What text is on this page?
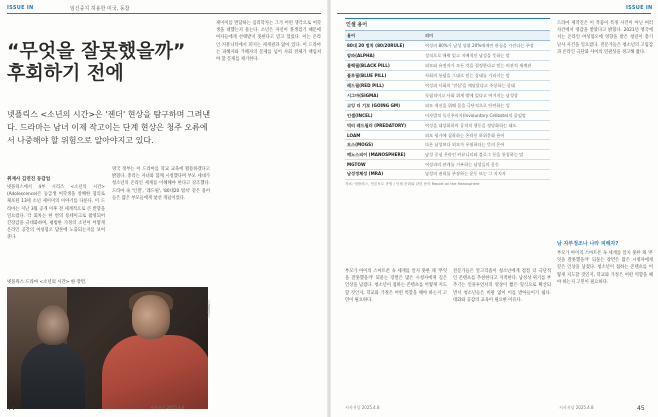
ISSUE IN	임신중지 허용한 미국, 동참
“무엇을 잘못했을까”
후회하기 전에
넷플릭스 <소년의 시간>은 '젠더' 현상을 탐구하며 그려낸다. 드라마는 남녀 이제 작고이는 단계 현상은 청주 오류에서 나중해야 할 위험으로 알아야지고 있다.
취재사 김연진 동감업
넷플릭스에서 4부 시리즈 <소년의 시간>(Adolescence)은 동급생 여학생을 살해한 혐의로 체포된 13세 소년 제이미의 이야기를 다룬다. 이 드라마는 지난 3월 공개 이후 전 세계적으로 큰 반향을 일으켰다. 각 회차는 한 번의 롱테이크로 촬영되어 긴장감을 극대화하며, 평범한 가정의 소년이 어떻게 온라인 공간의 여성혐오 담론에 노출되는지를 보여준다.
영국 정부는 이 드라마를 학교 교육에 활용하겠다고 밝혔다. 총리는 자녀와 함께 시청했다며 부모 세대가 청소년의 온라인 세계를 이해해야 한다고 강조했다. 드라마 속 '인셀', '레드필', '80대20 법칙' 같은 용어들은 많은 부모들에게 낯선 개념이었다.
제이미를 면담하는 심리학자는 그가 어떤 생각으로 여학생을 대했는지 묻는다. 소년은 자신이 못생겼기 때문에 여자들에게 선택받지 못한다고 믿고 있었다. 이는 온라인 커뮤니티에서 퍼지는 세계관과 닮아 있다. 이 드라마는 피해자와 가해자의 문제를 넘어 사회 전체가 책임져야 할 문제를 제기한다.
넷플릭스 드라마 <소년의 시간> 한 장면.
ⓒ넷플릭스
44	시사저널 2025.4.8
ISSUE IN
인셀 용어
용어	의미
80대 20 법칙 (80/20RULE)	여성의 80%가 남성 상위 20%에게만 관심을 가진다는 주장
알파(ALPHA)	성적으로 매력 있고 지배적인 남성을 뜻하는 말
블랙필(BLACK PILL)	외모와 유전자가 모든 것을 결정한다고 믿는 비관적 세계관
블루필(BLUE PILL)	사회의 통념을 그대로 믿는 상태를 가리키는 말
레드필(RED PILL)	여성과 사회의 '진실'을 깨달았다고 주장하는 상태
시그마(SIGMA)	독립적이고 사회 위계 밖에 있다고 여겨지는 남성상
고잉 더 기모 (GOING GM)	외모 개선을 위해 몸을 극단적으로 단련하는 일
인셀(INCEL)	비자발적 독신주의자(Involuntary Celibate)의 줄임말
빅터 레드필러 (PREDATORY)	여성을 대상화하며 공격적 행동을 정당화하는 태도
LOAM	외모 평가에 집착하는 온라인 하위문화 용어
모스(MOGS)	다른 남성보다 외모가 우월하다는 뜻의 은어
매노스피어 (MANOSPHERE)	남성 중심 온라인 커뮤니티와 블로그 등을 통칭하는 말
MGTOW	여성과의 관계를 거부하는 남성들의 운동
남성정체성 (MRA)	남성의 권리를 주장하는 운동 또는 그 지지자
자료: 넷플릭스, 언론보도 종합 / 인셀 문화와 관련 용어 Report on the Manosphere
부모가 아이의 스마트폰 속 세계를 알지 못한 채 '무엇을 잘못했을까' 되묻는 장면은 많은 시청자에게 깊은 인상을 남겼다. 청소년이 접하는 콘텐츠를 어떻게 지도할 것인지, 학교와 가정은 어떤 역할을 해야 하는지 고민이 필요하다.
전문가들은 알고리즘이 청소년에게 점점 더 극단적인 콘텐츠를 추천한다고 지적한다. 남성성 위기를 부추기는 인플루언서의 영상이 짧은 형식으로 확산되면서 청소년들은 비판 없이 이를 받아들이기 쉽다. 대화와 공감의 교육이 필요한 이유다.
드라마 제작진은 이 작품이 특정 사건이 아닌 여러 사건에서 영감을 받았다고 밝혔다. 2021년 영국에서는 온라인 여성혐오에 영향을 받은 청년이 총기 난사 사건을 일으켰다. 전문가들은 청소년의 고립감과 온라인 극단화 사이의 연관성을 경고해 왔다.
남 자부정조나 나라 피해자?
부모가 아이의 스마트폰 속 세계를 알지 못한 채 '무엇을 잘못했을까' 되묻는 장면은 많은 시청자에게 깊은 인상을 남겼다. 청소년이 접하는 콘텐츠를 어떻게 지도할 것인지, 학교와 가정은 어떤 역할을 해야 하는지 고민이 필요하다.
시사저널 2025.4.8	시사저널 2025.4.8	45
